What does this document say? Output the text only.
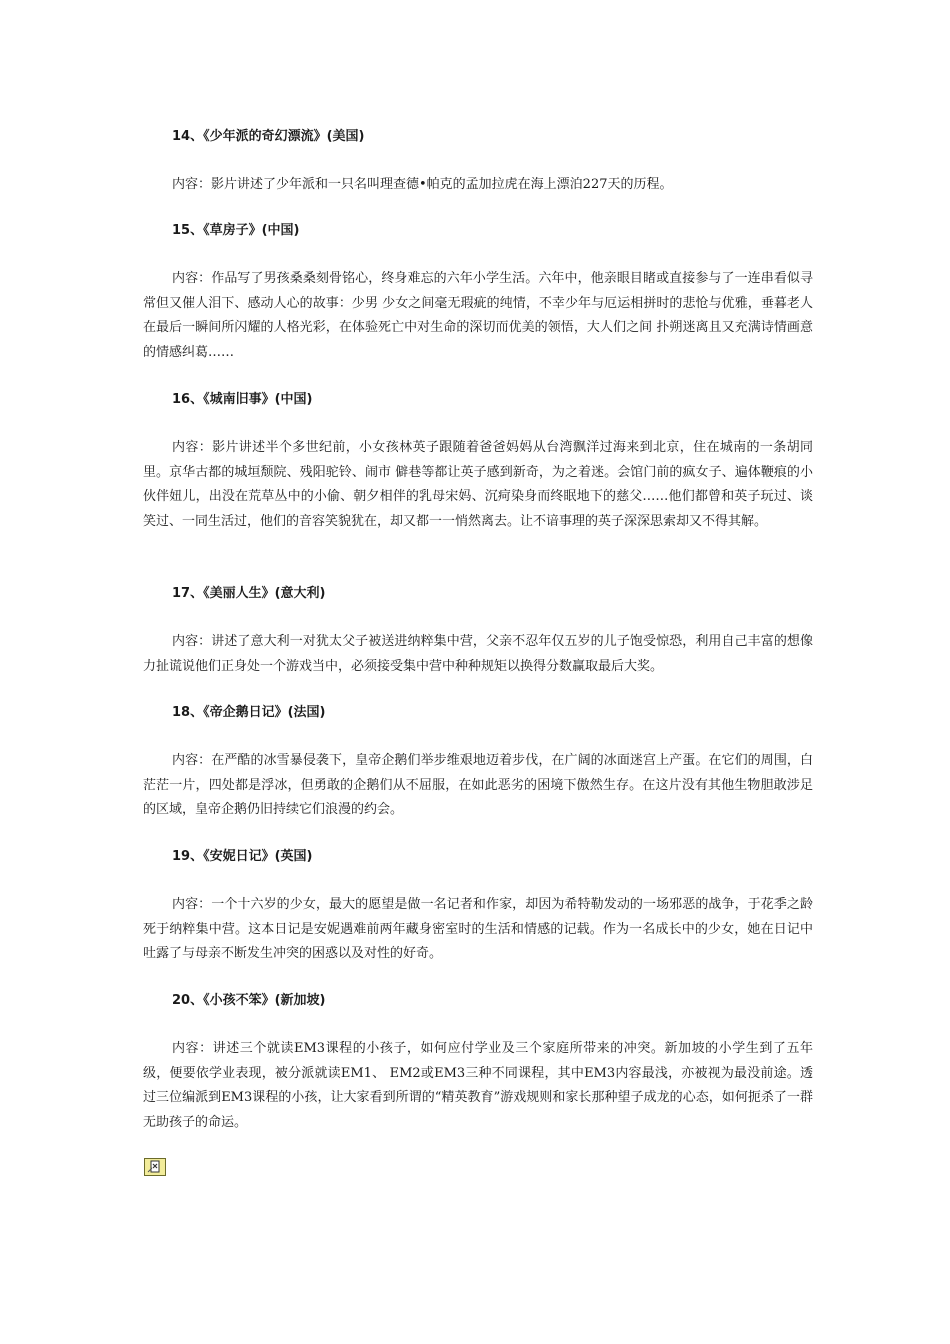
14、《少年派的奇幻漂流》(美国)

内容：影片讲述了少年派和一只名叫理查德•帕克的孟加拉虎在海上漂泊227天的历程。

15、《草房子》(中国)

内容：作品写了男孩桑桑刻骨铭心，终身难忘的六年小学生活。六年中，他亲眼目睹或直接参与了一连串看似寻常但又催人泪下、感动人心的故事：少男 少女之间毫无瑕疵的纯情，不幸少年与厄运相拼时的悲怆与优雅，垂暮老人在最后一瞬间所闪耀的人格光彩，在体验死亡中对生命的深切而优美的领悟，大人们之间 扑朔迷离且又充满诗情画意的情感纠葛……

16、《城南旧事》(中国)

内容：影片讲述半个多世纪前，小女孩林英子跟随着爸爸妈妈从台湾飘洋过海来到北京，住在城南的一条胡同里。京华古都的城垣颓院、残阳驼铃、闹市 僻巷等都让英子感到新奇，为之着迷。会馆门前的疯女子、遍体鞭痕的小伙伴妞儿，出没在荒草丛中的小偷、朝夕相伴的乳母宋妈、沉疴染身而终眠地下的慈父……他们都曾和英子玩过、谈笑过、一同生活过，他们的音容笑貌犹在，却又都一一悄然离去。让不谙事理的英子深深思索却又不得其解。

17、《美丽人生》(意大利)

内容：讲述了意大利一对犹太父子被送进纳粹集中营，父亲不忍年仅五岁的儿子饱受惊恐，利用自己丰富的想像力扯谎说他们正身处一个游戏当中，必须接受集中营中种种规矩以换得分数赢取最后大奖。

18、《帝企鹅日记》(法国)

内容：在严酷的冰雪暴侵袭下，皇帝企鹅们举步维艰地迈着步伐，在广阔的冰面迷宫上产蛋。在它们的周围，白茫茫一片，四处都是浮冰，但勇敢的企鹅们从不屈服，在如此恶劣的困境下傲然生存。在这片没有其他生物胆敢涉足的区域，皇帝企鹅仍旧持续它们浪漫的约会。

19、《安妮日记》(英国)

内容：一个十六岁的少女，最大的愿望是做一名记者和作家，却因为希特勒发动的一场邪恶的战争，于花季之龄死于纳粹集中营。这本日记是安妮遇难前两年藏身密室时的生活和情感的记载。作为一名成长中的少女，她在日记中吐露了与母亲不断发生冲突的困惑以及对性的好奇。

20、《小孩不笨》(新加坡)

内容：讲述三个就读EM3课程的小孩子，如何应付学业及三个家庭所带来的冲突。新加坡的小学生到了五年级，便要依学业表现，被分派就读EM1、 EM2或EM3三种不同课程，其中EM3内容最浅，亦被视为最没前途。透过三位编派到EM3课程的小孩，让大家看到所谓的“精英教育”游戏规则和家长那种望子成龙的心态，如何扼杀了一群无助孩子的命运。
